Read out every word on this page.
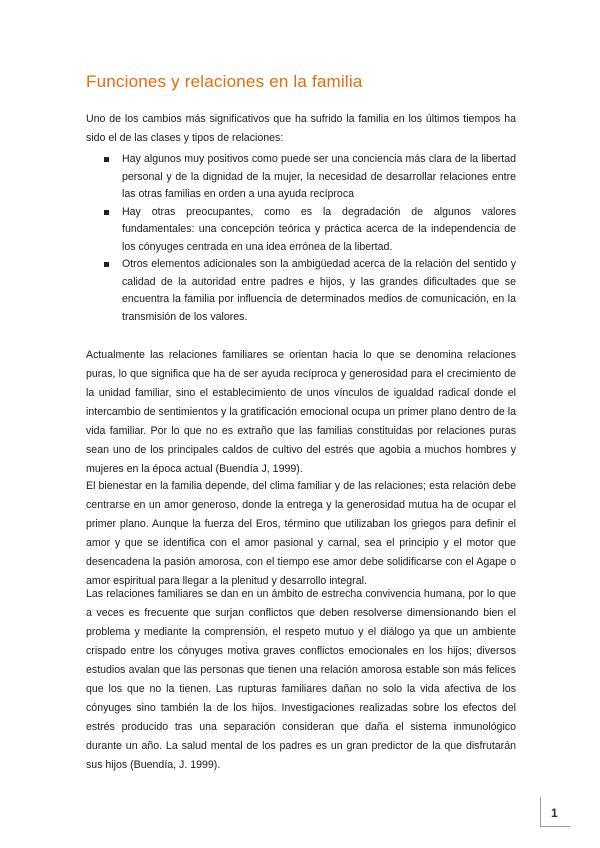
Funciones y relaciones en la familia

Uno de los cambios más significativos que ha sufrido la familia en los últimos tiempos ha sido el de las clases y tipos de relaciones:

Hay algunos muy positivos como puede ser una conciencia más clara de la libertad personal y de la dignidad de la mujer, la necesidad de desarrollar relaciones entre las otras familias en orden a una ayuda recíproca
Hay otras preocupantes, como es la degradación de algunos valores fundamentales: una concepción teórica y práctica acerca de la independencia de los cónyuges centrada en una idea errónea de la libertad.
Otros elementos adicionales son la ambigüedad acerca de la relación del sentido y calidad de la autoridad entre padres e hijos, y las grandes dificultades que se encuentra la familia por influencia de determinados medios de comunicación, en la transmisión de los valores.

Actualmente las relaciones familiares se orientan hacia lo que se denomina relaciones puras, lo que significa que ha de ser ayuda recíproca y generosidad para el crecimiento de la unidad familiar, sino el establecimiento de unos vínculos de igualdad radical donde el intercambio de sentimientos y la gratificación emocional ocupa un primer plano dentro de la vida familiar. Por lo que no es extraño que las familias constituidas por relaciones puras sean uno de los principales caldos de cultivo del estrés que agobia a muchos hombres y mujeres en la época actual (Buendía J, 1999).

El bienestar en la familia depende, del clima familiar y de las relaciones; esta relación debe centrarse en un amor generoso, donde la entrega y la generosidad mutua ha de ocupar el primer plano. Aunque la fuerza del Eros, término que utilizaban los griegos para definir el amor y que se identifica con el amor pasional y carnal, sea el principio y el motor que desencadena la pasión amorosa, con el tiempo ese amor debe solidificarse con el Agape o amor espiritual para llegar a la plenitud y desarrollo integral.

Las relaciones familiares se dan en un ámbito de estrecha convivencia humana, por lo que a veces es frecuente que surjan conflictos que deben resolverse dimensionando bien el problema y mediante la comprensión, el respeto mutuo y el diálogo ya que un ambiente crispado entre los cónyuges motiva graves conflictos emocionales en los hijos; diversos estudios avalan que las personas que tienen una relación amorosa estable son más felices que los que no la tienen. Las rupturas familiares dañan no solo la vida afectiva de los cónyuges sino también la de los hijos. Investigaciones realizadas sobre los efectos del estrés producido tras una separación consideran que daña el sistema inmunológico durante un año. La salud mental de los padres es un gran predictor de la que disfrutarán sus hijos (Buendía, J. 1999).

1
